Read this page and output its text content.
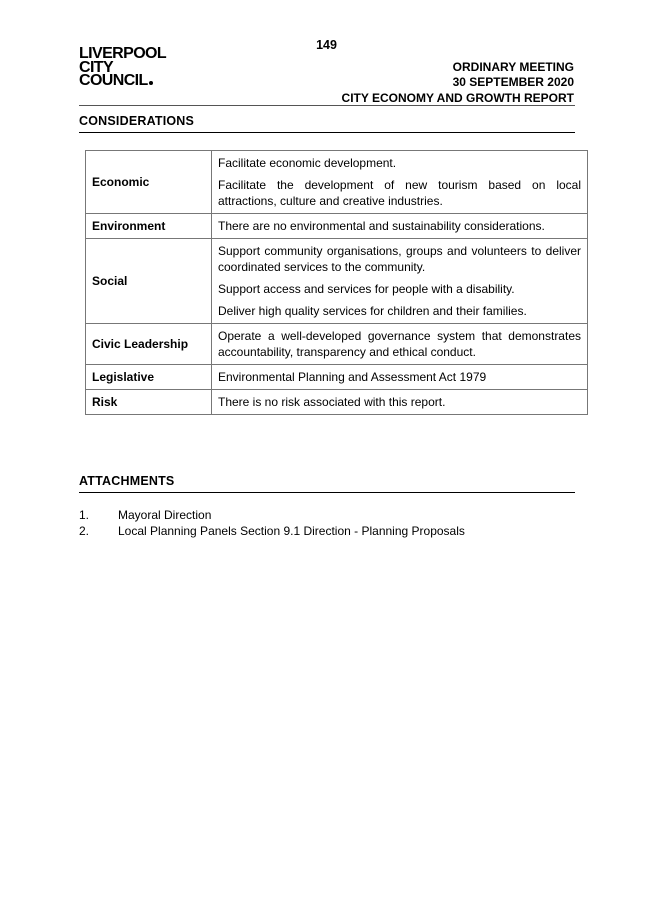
149
LIVERPOOL
CITY
COUNCIL
ORDINARY MEETING
30 SEPTEMBER 2020
CITY ECONOMY AND GROWTH REPORT
CONSIDERATIONS
Economic	Facilitate economic development.

Facilitate the development of new tourism based on local attractions, culture and creative industries.

Environment	There are no environmental and sustainability considerations.

Social	Support community organisations, groups and volunteers to deliver coordinated services to the community.

Support access and services for people with a disability.

Deliver high quality services for children and their families.

Civic Leadership	Operate a well-developed governance system that demonstrates accountability, transparency and ethical conduct.

Legislative	Environmental Planning and Assessment Act 1979

Risk	There is no risk associated with this report.

ATTACHMENTS
1.	Mayoral Direction
2.	Local Planning Panels Section 9.1 Direction - Planning Proposals
